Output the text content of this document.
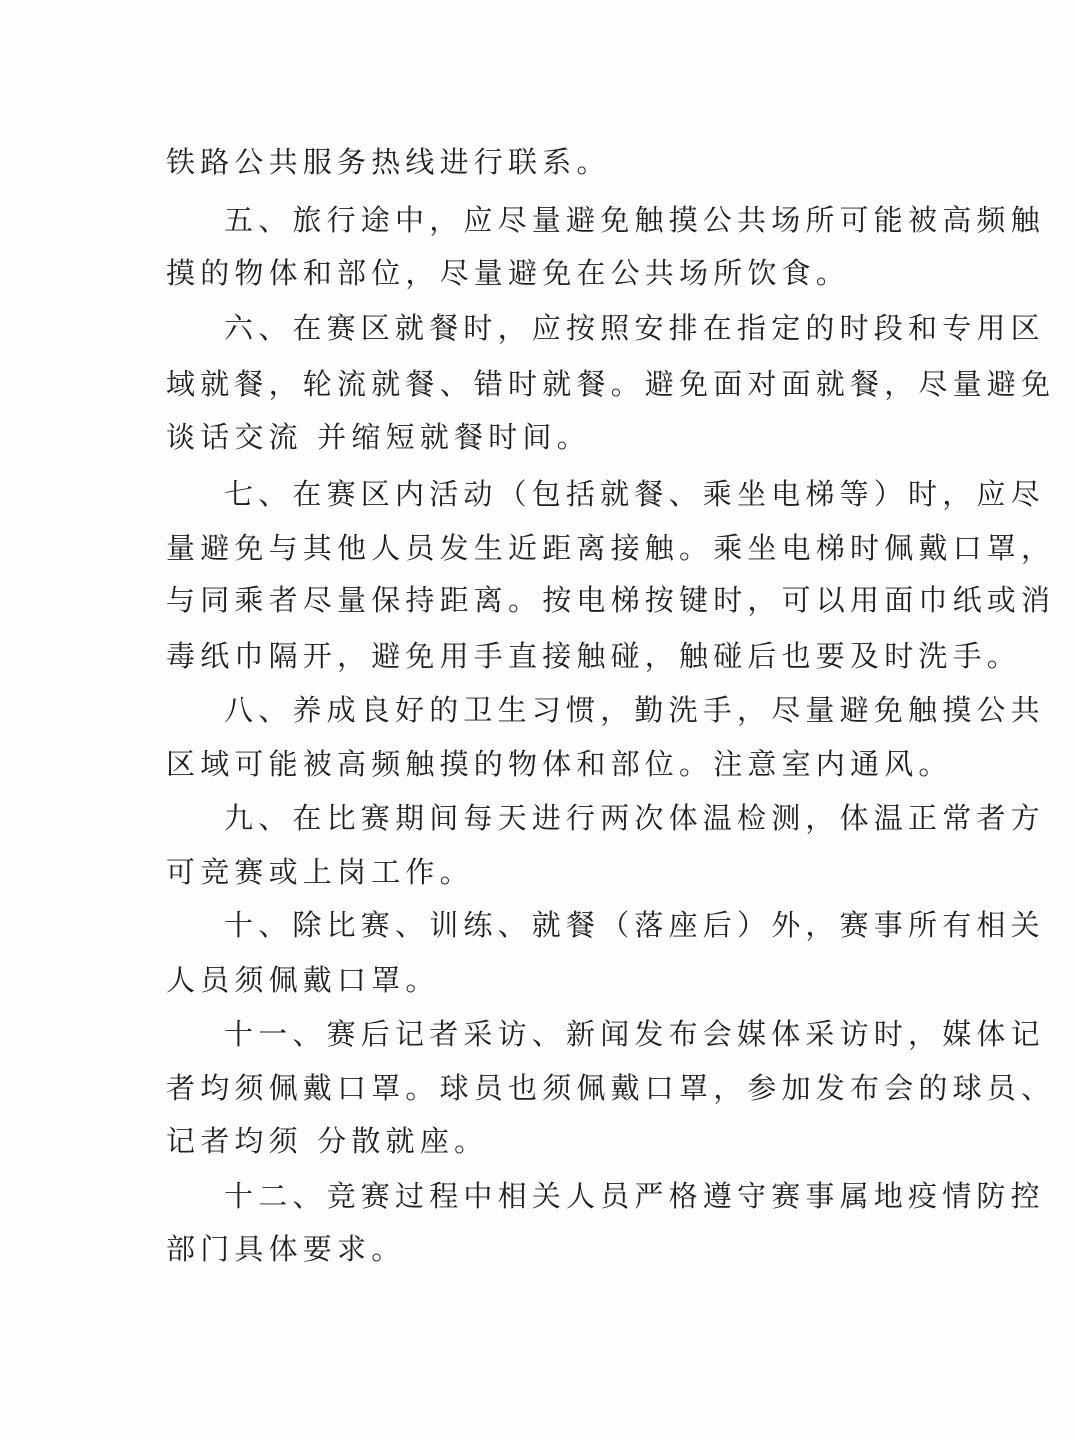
铁路公共服务热线进行联系。
五、旅行途中，应尽量避免触摸公共场所可能被高频触
摸的物体和部位，尽量避免在公共场所饮食。
六、在赛区就餐时，应按照安排在指定的时段和专用区
域就餐，轮流就餐、错时就餐。避免面对面就餐，尽量避免
谈话交流 并缩短就餐时间。
七、在赛区内活动（包括就餐、乘坐电梯等）时，应尽
量避免与其他人员发生近距离接触。乘坐电梯时佩戴口罩，
与同乘者尽量保持距离。按电梯按键时，可以用面巾纸或消
毒纸巾隔开，避免用手直接触碰，触碰后也要及时洗手。
八、养成良好的卫生习惯，勤洗手，尽量避免触摸公共
区域可能被高频触摸的物体和部位。注意室内通风。
九、在比赛期间每天进行两次体温检测，体温正常者方
可竞赛或上岗工作。
十、除比赛、训练、就餐（落座后）外，赛事所有相关
人员须佩戴口罩。
十一、赛后记者采访、新闻发布会媒体采访时，媒体记
者均须佩戴口罩。球员也须佩戴口罩，参加发布会的球员、
记者均须 分散就座。
十二、竞赛过程中相关人员严格遵守赛事属地疫情防控
部门具体要求。
